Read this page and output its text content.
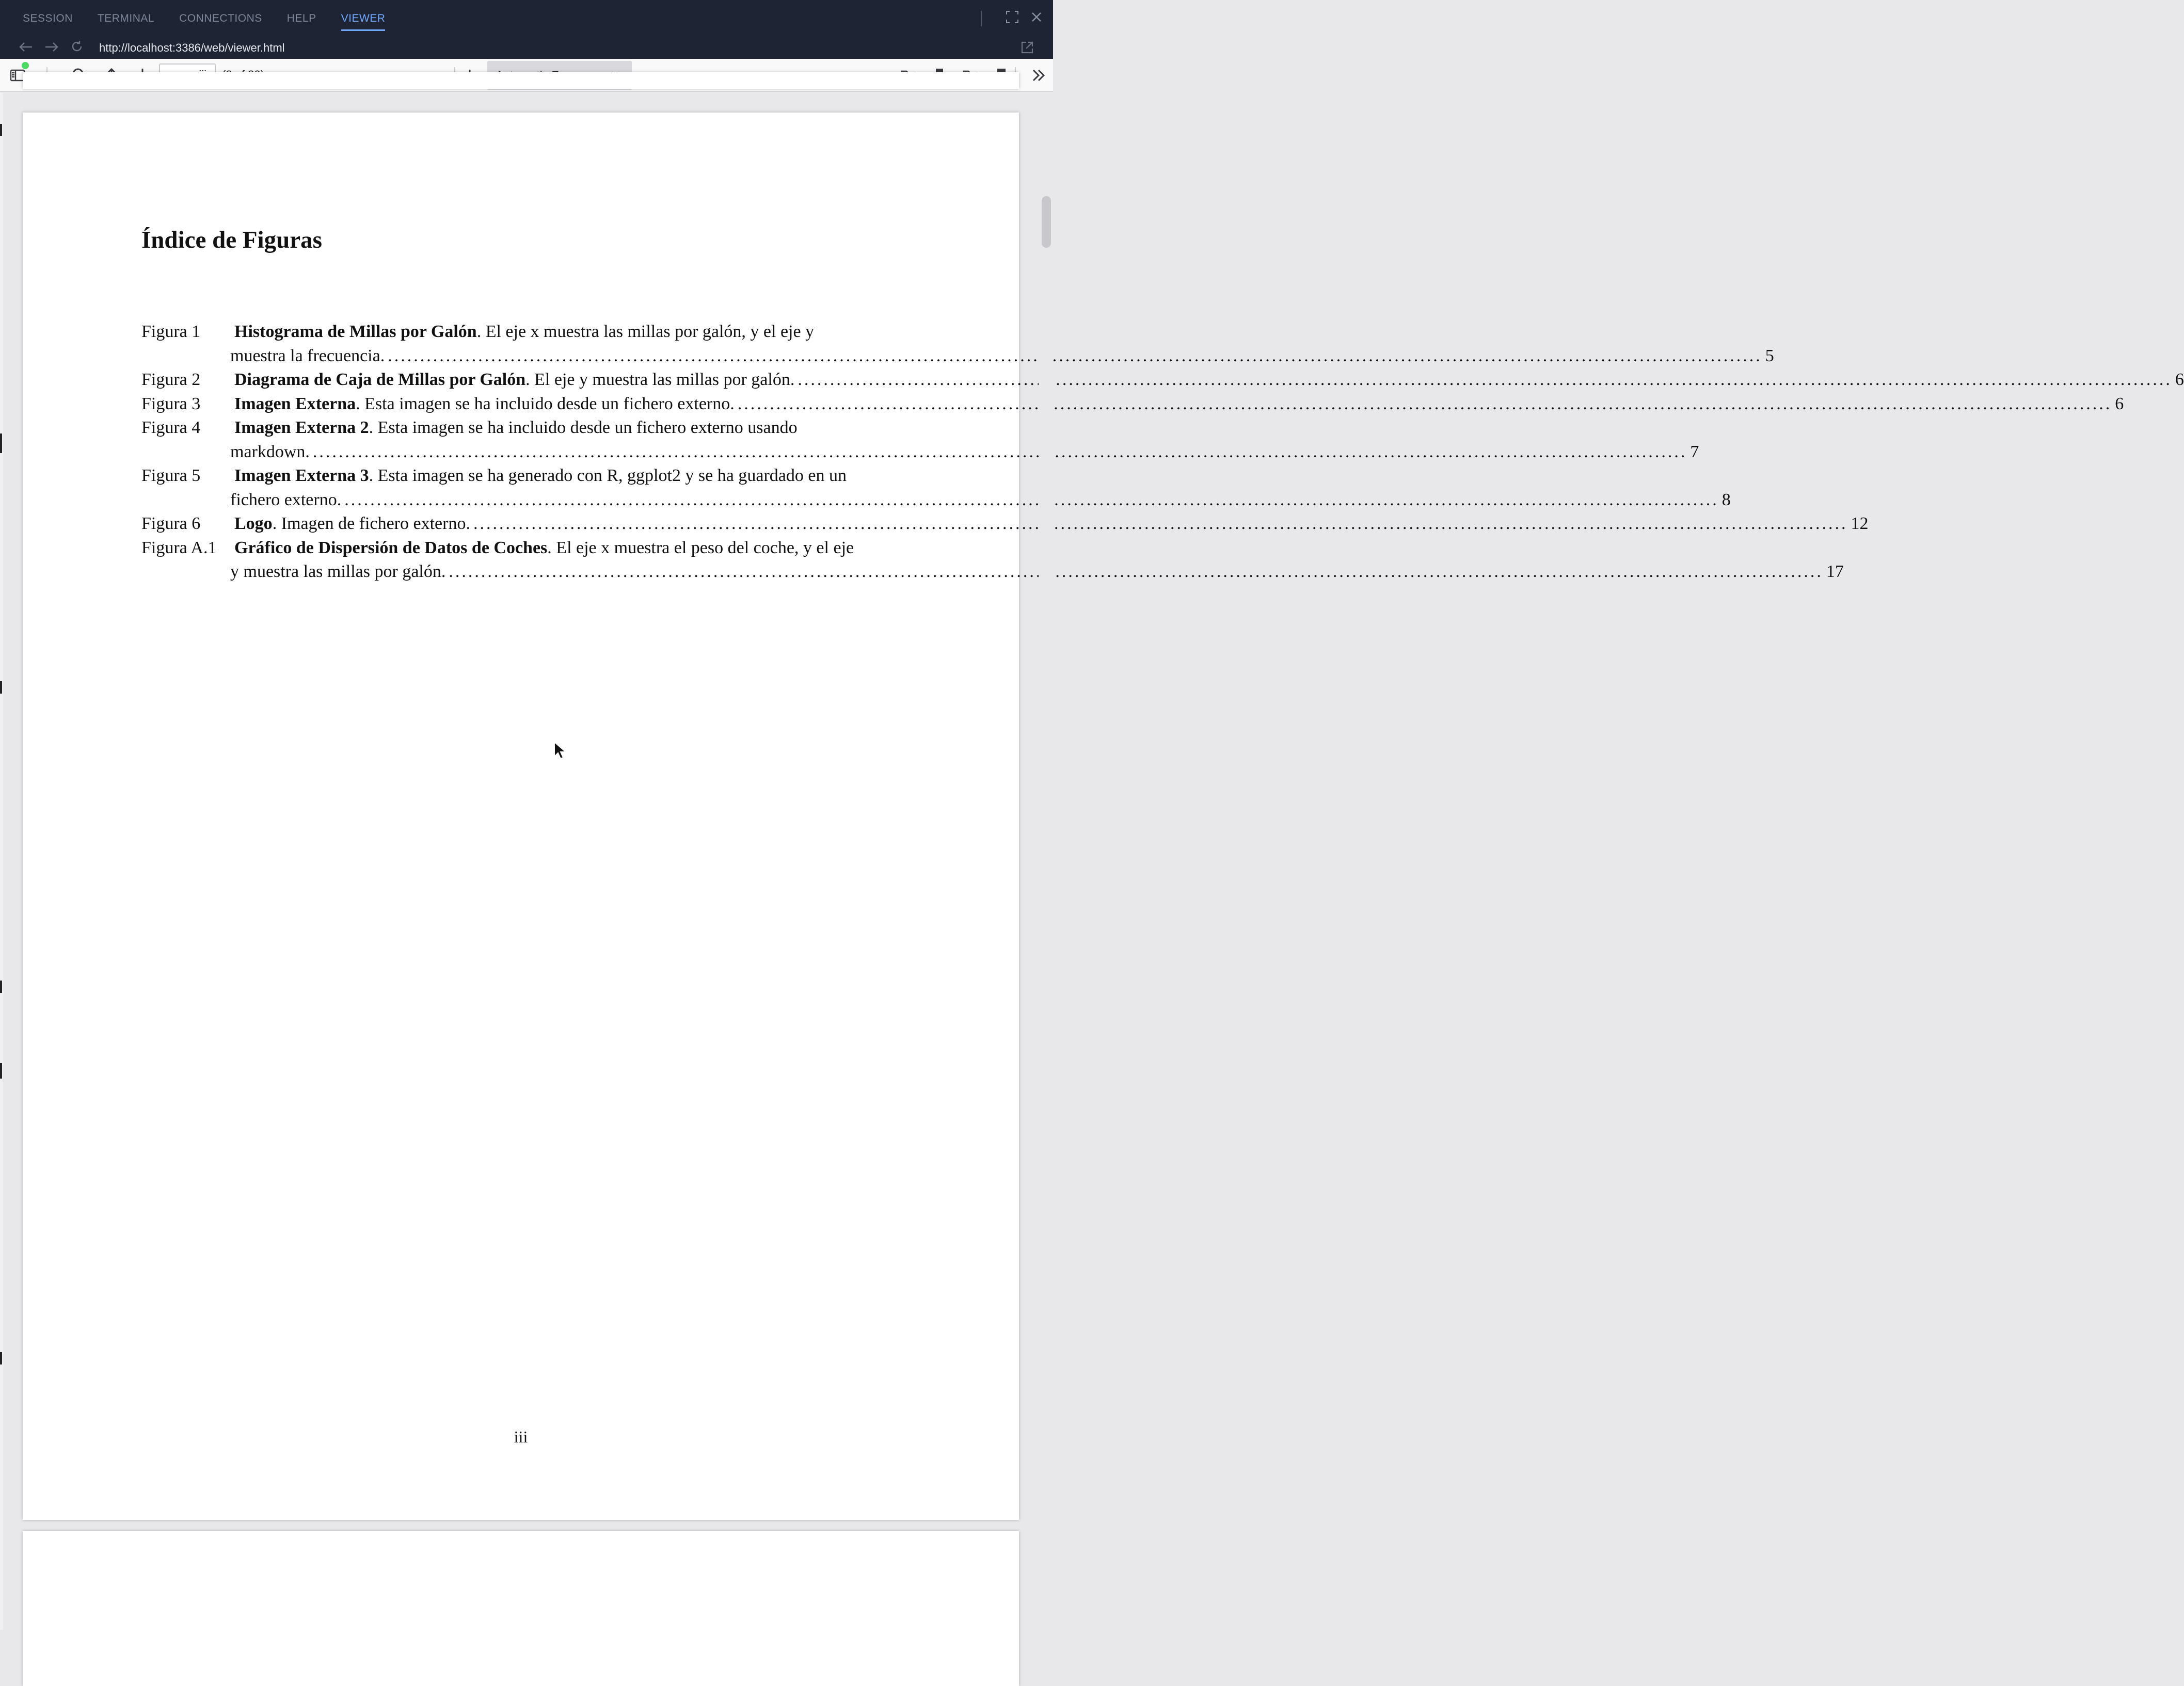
SESSION TERMINAL CONNECTIONS HELP VIEWER
http://localhost:3386/web/viewer.html
iii
Índice de Figuras
Figura 1	Histograma de Millas por Galón . El eje x muestra las millas por galón, y el eje y
muestra la frecuencia. .....	5
Figura 2	Diagrama de Caja de Millas por Galón . El eje y muestra las millas por galón. .....	6
Figura 3	Imagen Externa . Esta imagen se ha incluido desde un fichero externo. .....	6
Figura 4	Imagen Externa 2 . Esta imagen se ha incluido desde un fichero externo usando
markdown. .....	7
Figura 5	Imagen Externa 3 . Esta imagen se ha generado con R, ggplot2 y se ha guardado en un
fichero externo. .....	8
Figura 6	Logo . Imagen de fichero externo. .....	12
Figura A.1	Gráfico de Dispersión de Datos de Coches . El eje x muestra el peso del coche, y el eje
y muestra las millas por galón. .....	17
iii
